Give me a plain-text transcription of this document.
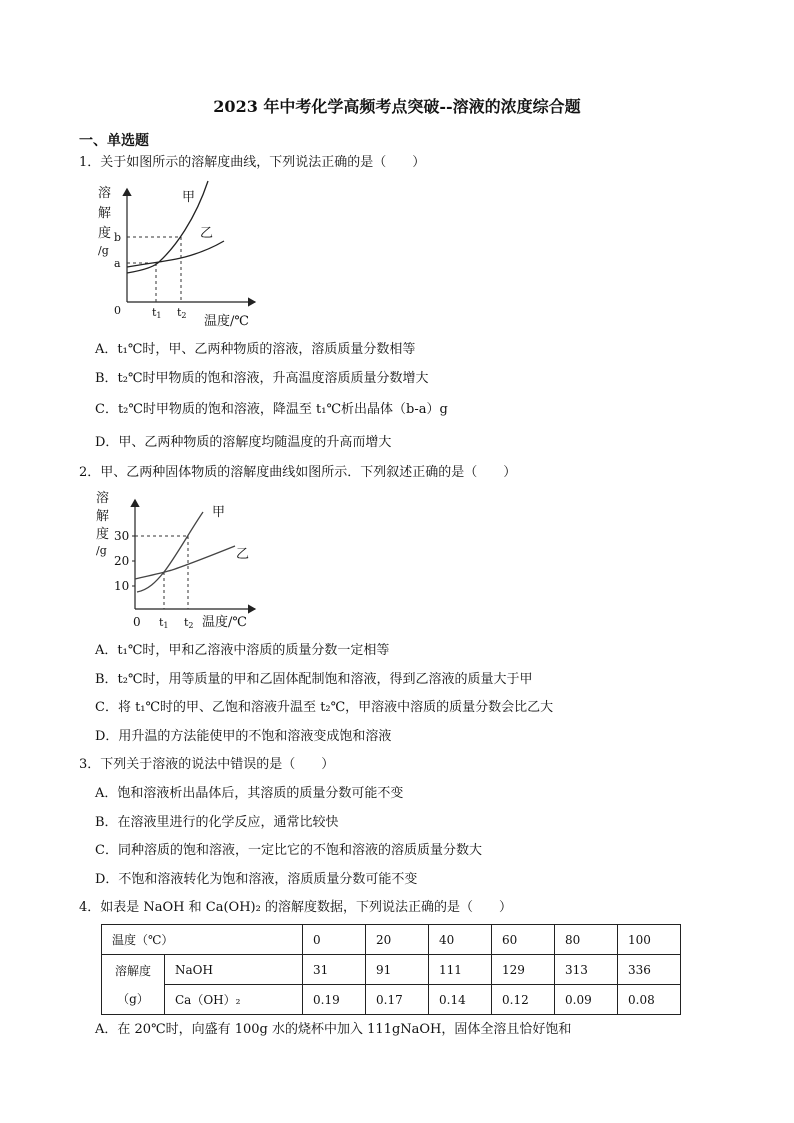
2023 年中考化学高频考点突破--溶液的浓度综合题
一、单选题
1．关于如图所示的溶解度曲线，下列说法正确的是（　　）
溶
解
度
/g
b
a
0
甲
乙
t1 t2 温度/℃
A．t₁℃时，甲、乙两种物质的溶液，溶质质量分数相等
B．t₂℃时甲物质的饱和溶液，升高温度溶质质量分数增大
C．t₂℃时甲物质的饱和溶液，降温至 t₁℃析出晶体（b-a）g
D．甲、乙两种物质的溶解度均随温度的升高而增大
2．甲、乙两种固体物质的溶解度曲线如图所示．下列叙述正确的是（　　）
溶
解
度
/g
30
20
10
甲
乙
0 t1 t2 温度/℃
A．t₁℃时，甲和乙溶液中溶质的质量分数一定相等
B．t₂℃时，用等质量的甲和乙固体配制饱和溶液，得到乙溶液的质量大于甲
C．将 t₁℃时的甲、乙饱和溶液升温至 t₂℃，甲溶液中溶质的质量分数会比乙大
D．用升温的方法能使甲的不饱和溶液变成饱和溶液
3．下列关于溶液的说法中错误的是（　　）
A．饱和溶液析出晶体后，其溶质的质量分数可能不变
B．在溶液里进行的化学反应，通常比较快
C．同种溶质的饱和溶液，一定比它的不饱和溶液的溶质质量分数大
D．不饱和溶液转化为饱和溶液，溶质质量分数可能不变
4．如表是 NaOH 和 Ca(OH)₂ 的溶解度数据，下列说法正确的是（　　）
温度（℃）		0	20	40	60	80	100

溶解度
（g）	NaOH	31	91	111	129	313	336
	Ca（OH）₂	0.19	0.17	0.14	0.12	0.09	0.08
A．在 20℃时，向盛有 100g 水的烧杯中加入 111gNaOH，固体全溶且恰好饱和
